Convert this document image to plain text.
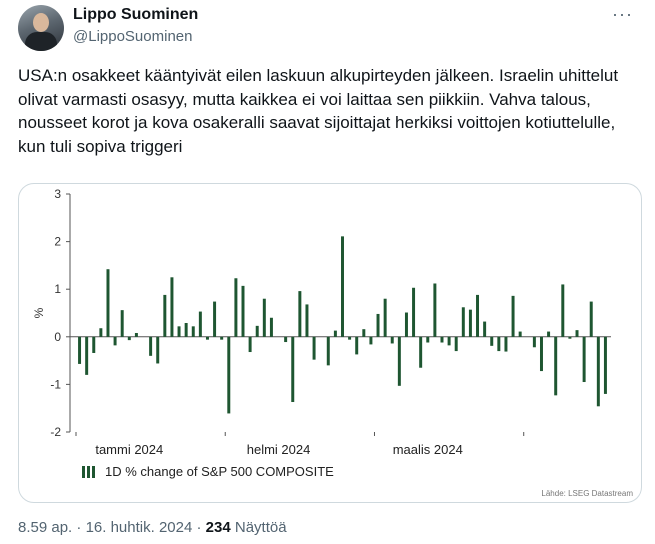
Lippo Suominen
@LippoSuominen
···
USA:n osakkeet kääntyivät eilen laskuun alkupirteyden jälkeen. Israelin uhittelut olivat varmasti osasyy, mutta kaikkea ei voi laittaa sen piikkiin. Vahva talous, nousseet korot ja kova osakeralli saavat sijoittajat herkiksi voittojen kotiuttelulle, kun tuli sopiva triggeri
3
2
1
0
-1
-2
%
tammi 2024	helmi 2024	maalis 2024
1D % change of S&P 500 COMPOSITE
Lähde: LSEG Datastream
8.59 ap. · 16. huhtik. 2024 · 234 Näyttöä
